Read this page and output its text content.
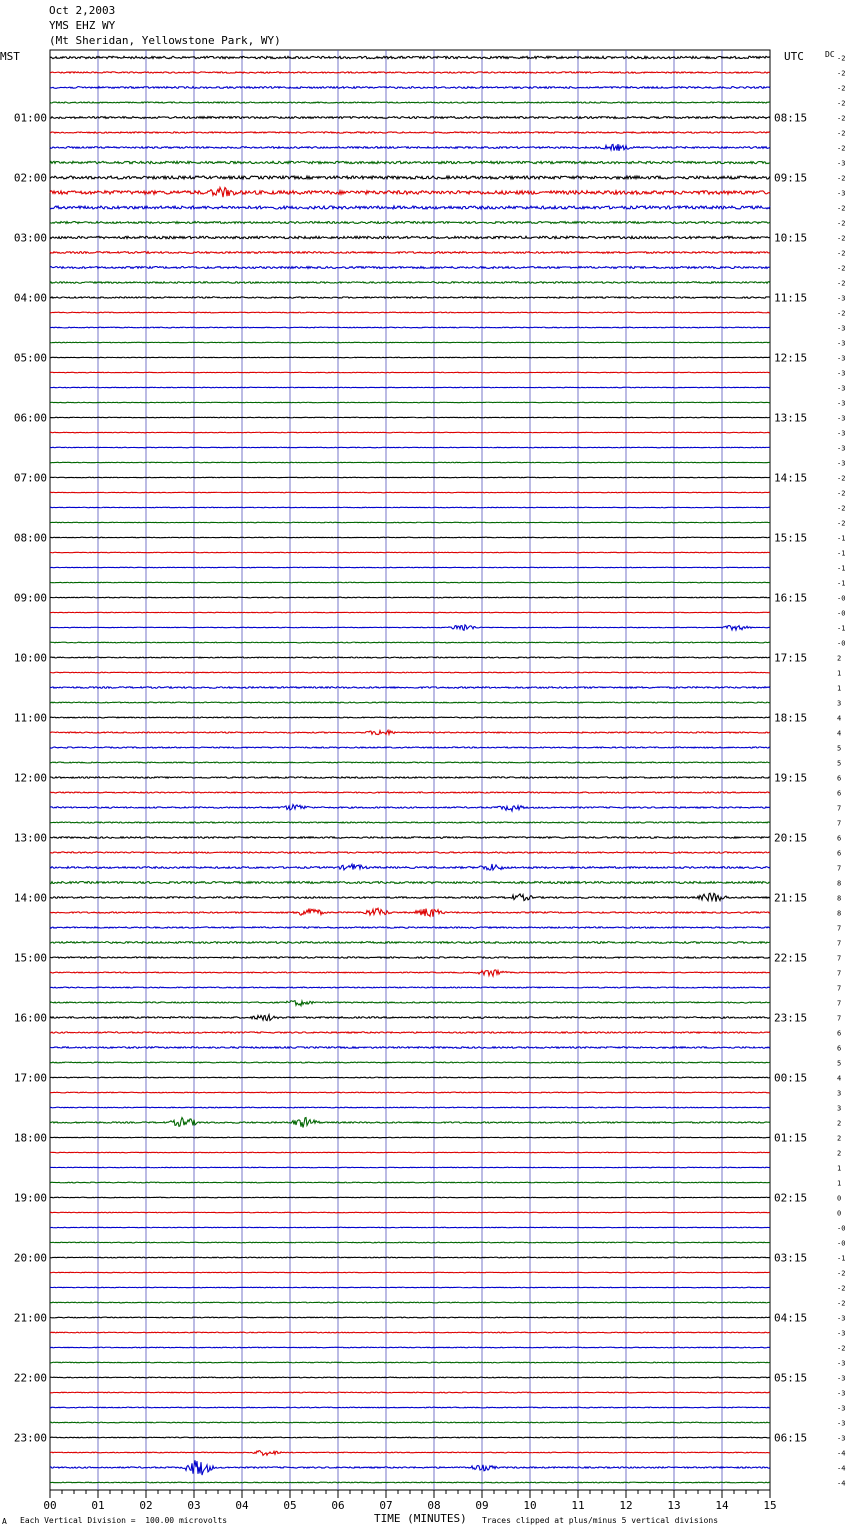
Oct 2,2003
YMS EHZ WY
(Mt Sheridan, Yellowstone Park, WY)
MST	UTC	DC -2
-2
-2
-2
-2
-2
-2
-3
-2
-3
-2
-2
-2
-2
-2
-2
-3
-2
-3
-3
-3
-3
-3
-3
-3
-3
-3
-3
-2
-2
-2
-2
-1
-1
-1
-1
-0
-0
-1
-0
2
1
1
3
4
4
5
5
6
6
7
7
6
6
7
8
8
8
7
7
7
7
7
7
7
6
6
5
4
3
3
2
2
2
1
1
0
0
-0
-0
-1
-2
-2
-2
-3
-3
-2
-3
-3
-3
-3
-3
-3
-4
-4
-4
01:00
02:00
03:00
04:00
05:00
06:00
07:00
08:00
09:00
10:00
11:00
12:00
13:00
14:00
15:00
16:00
17:00
18:00
19:00
20:00
21:00
22:00
23:00
08:15
09:15
10:15
11:15
12:15
13:15
14:15
15:15
16:15
17:15
18:15
19:15
20:15
21:15
22:15
23:15
00:15
01:15
02:15
03:15
04:15
05:15
06:15
00	01	02	03	04	05	06	07	08	09	10	11	12	13	14	15
A Each Vertical Division =  100.00 microvolts	TIME (MINUTES) Traces clipped at plus/minus 5 vertical divisions
